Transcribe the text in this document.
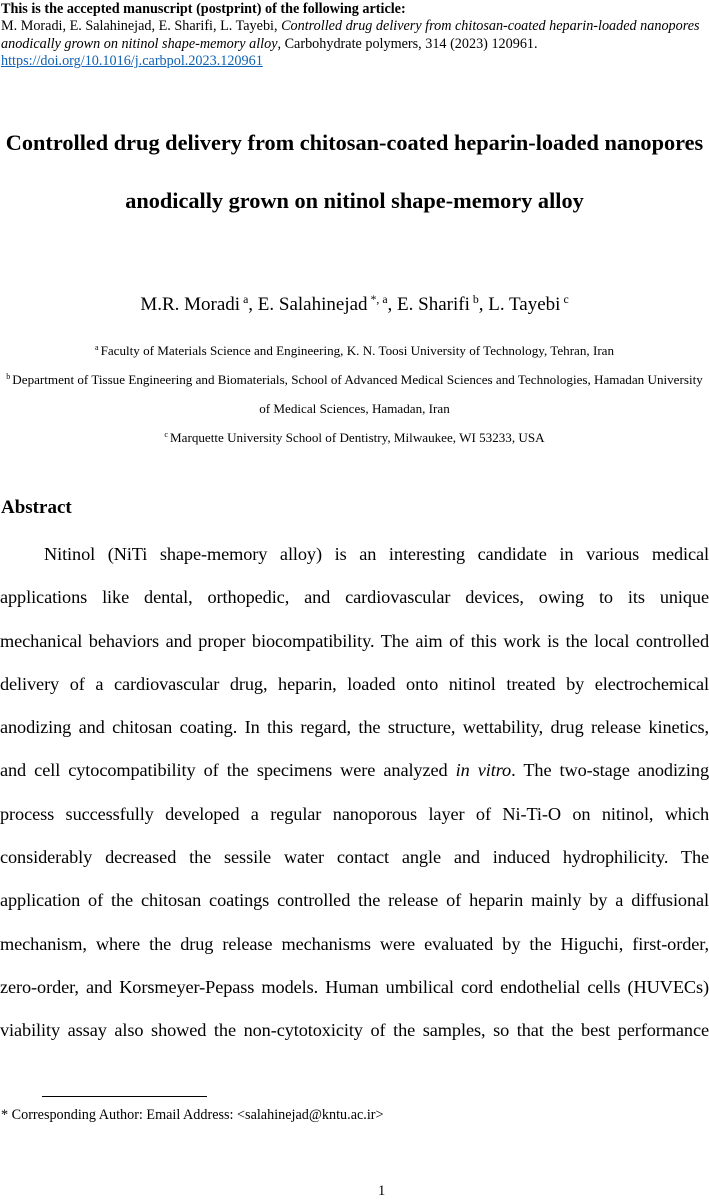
This is the accepted manuscript (postprint) of the following article:
M. Moradi, E. Salahinejad, E. Sharifi, L. Tayebi, Controlled drug delivery from chitosan-coated heparin-loaded nanopores anodically grown on nitinol shape-memory alloy, Carbohydrate polymers, 314 (2023) 120961.
https://doi.org/10.1016/j.carbpol.2023.120961
Controlled drug delivery from chitosan-coated heparin-loaded nanopores anodically grown on nitinol shape-memory alloy
M.R. Moradi $^a$, E. Salahinejad $^{*, a}$, E. Sharifi $^b$, L. Tayebi $^c$
$^a$ Faculty of Materials Science and Engineering, K. N. Toosi University of Technology, Tehran, Iran
$^b$ Department of Tissue Engineering and Biomaterials, School of Advanced Medical Sciences and Technologies, Hamadan University of Medical Sciences, Hamadan, Iran
$^c$ Marquette University School of Dentistry, Milwaukee, WI 53233, USA
Abstract
Nitinol (NiTi shape-memory alloy) is an interesting candidate in various medical
applications like dental, orthopedic, and cardiovascular devices, owing to its unique
mechanical behaviors and proper biocompatibility. The aim of this work is the local controlled
delivery of a cardiovascular drug, heparin, loaded onto nitinol treated by electrochemical
anodizing and chitosan coating. In this regard, the structure, wettability, drug release kinetics,
and cell cytocompatibility of the specimens were analyzed in vitro. The two-stage anodizing
process successfully developed a regular nanoporous layer of Ni-Ti-O on nitinol, which
considerably decreased the sessile water contact angle and induced hydrophilicity. The
application of the chitosan coatings controlled the release of heparin mainly by a diffusional
mechanism, where the drug release mechanisms were evaluated by the Higuchi, first-order,
zero-order, and Korsmeyer-Pepass models. Human umbilical cord endothelial cells (HUVECs)
viability assay also showed the non-cytotoxicity of the samples, so that the best performance
* Corresponding Author: Email Address: <salahinejad@kntu.ac.ir>
1
